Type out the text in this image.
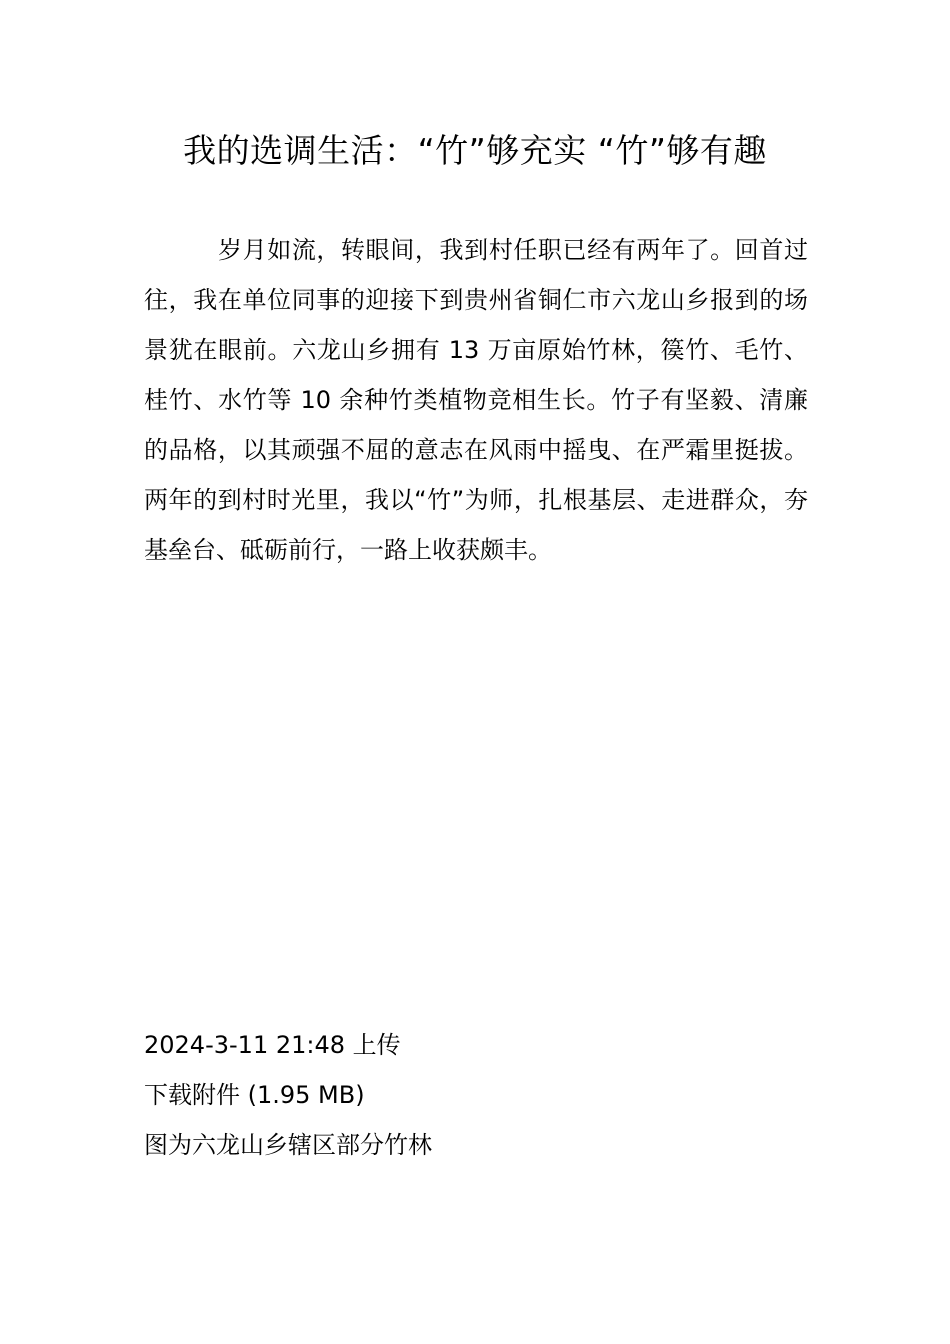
我的选调生活：“竹”够充实 “竹”够有趣

岁月如流，转眼间，我到村任职已经有两年了。回首过往，我在单位同事的迎接下到贵州省铜仁市六龙山乡报到的场景犹在眼前。六龙山乡拥有 13 万亩原始竹林，篌竹、毛竹、桂竹、水竹等 10 余种竹类植物竞相生长。竹子有坚毅、清廉的品格，以其顽强不屈的意志在风雨中摇曳、在严霜里挺拔。两年的到村时光里，我以“竹”为师，扎根基层、走进群众，夯基垒台、砥砺前行，一路上收获颇丰。

2024-3-11 21:48 上传
下载附件 (1.95 MB)
图为六龙山乡辖区部分竹林
